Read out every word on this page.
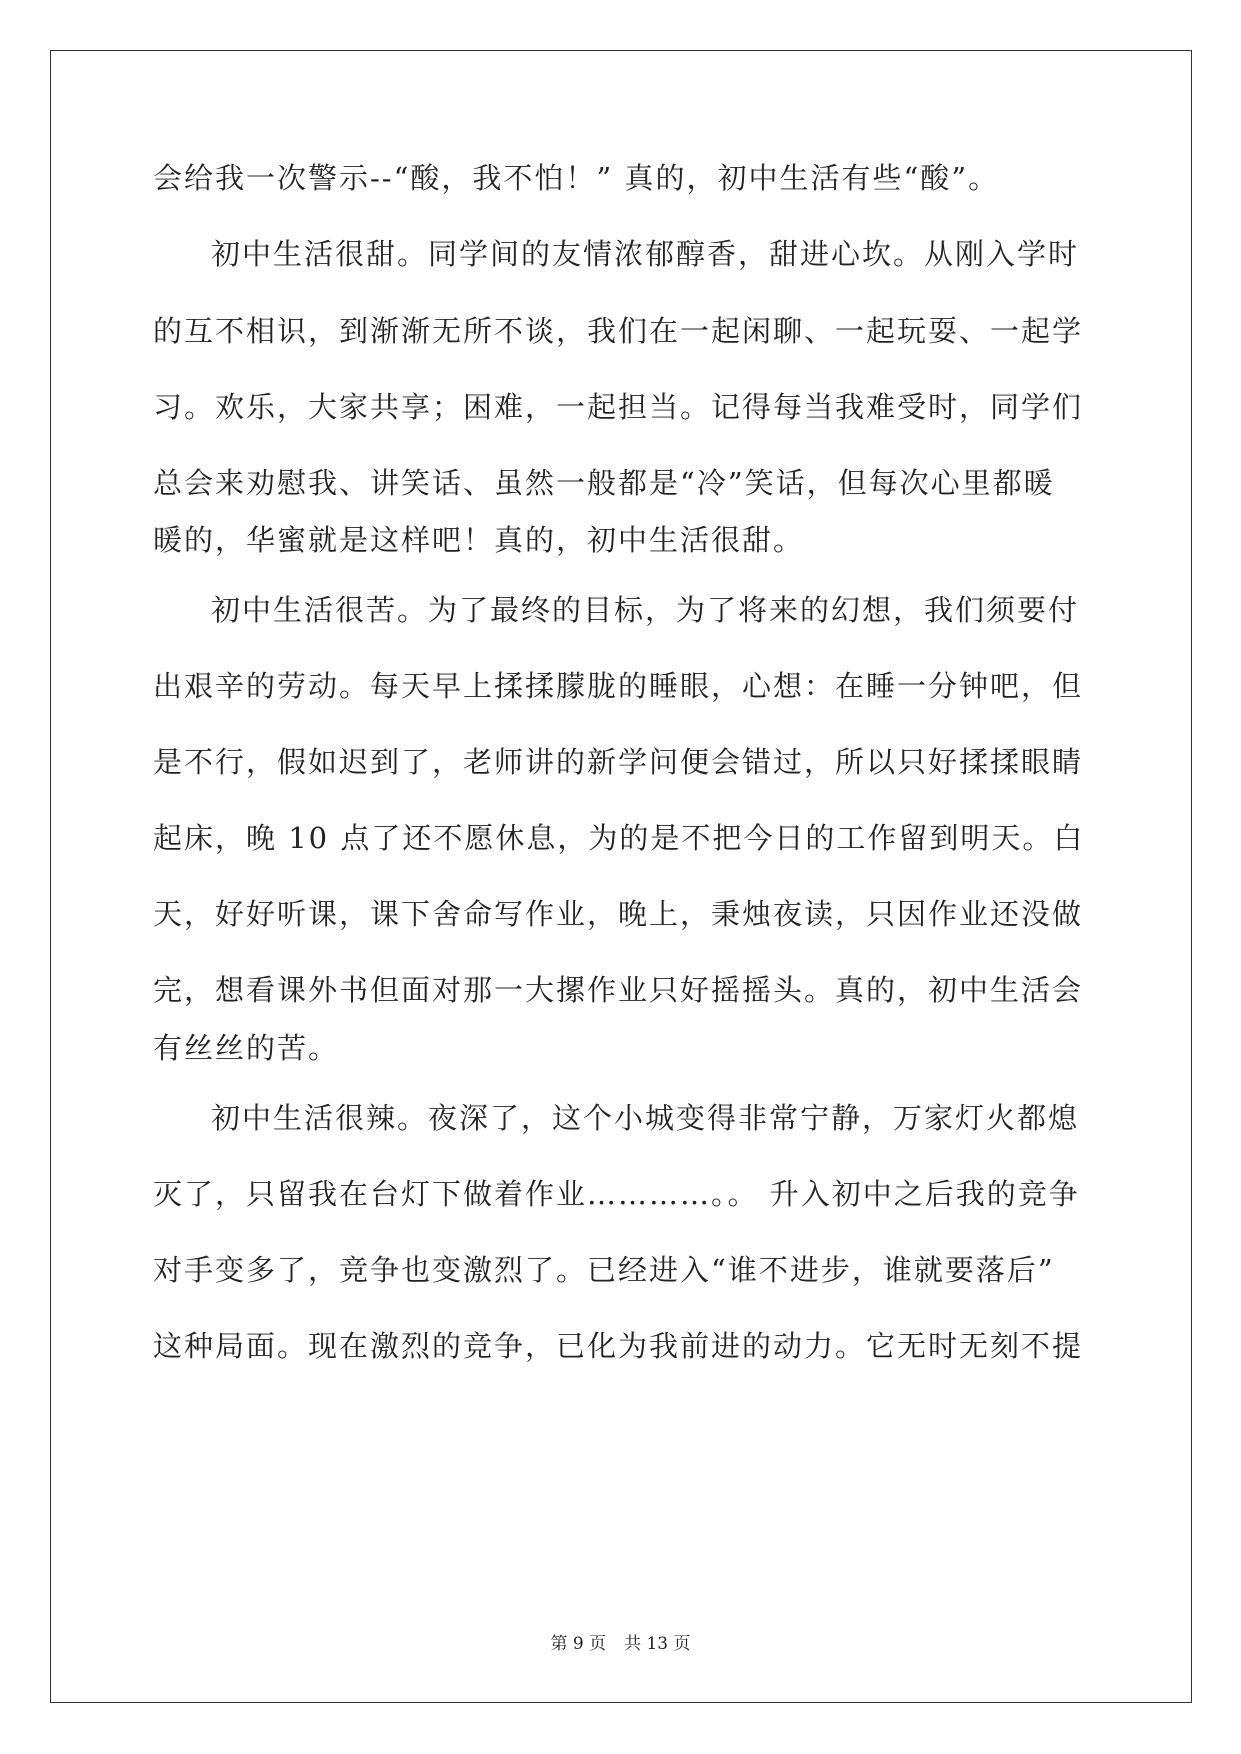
会给我一次警示--“酸，我不怕！” 真的，初中生活有些“酸”。
初中生活很甜。同学间的友情浓郁醇香，甜进心坎。从刚入学时
的互不相识，到渐渐无所不谈，我们在一起闲聊、一起玩耍、一起学
习。欢乐，大家共享；困难，一起担当。记得每当我难受时，同学们
总会来劝慰我、讲笑话、虽然一般都是“冷”笑话，但每次心里都暖
暖的，华蜜就是这样吧！真的，初中生活很甜。
初中生活很苦。为了最终的目标，为了将来的幻想，我们须要付
出艰辛的劳动。每天早上揉揉朦胧的睡眼，心想：在睡一分钟吧，但
是不行，假如迟到了，老师讲的新学问便会错过，所以只好揉揉眼睛
起床，晚 10 点了还不愿休息，为的是不把今日的工作留到明天。白
天，好好听课，课下舍命写作业，晚上，秉烛夜读，只因作业还没做
完，想看课外书但面对那一大摞作业只好摇摇头。真的，初中生活会
有丝丝的苦。
初中生活很辣。夜深了，这个小城变得非常宁静，万家灯火都熄
灭了，只留我在台灯下做着作业…………。。 升入初中之后我的竞争
对手变多了，竞争也变激烈了。已经进入“谁不进步，谁就要落后”
这种局面。现在激烈的竞争，已化为我前进的动力。它无时无刻不提
第 9 页 共 13 页
